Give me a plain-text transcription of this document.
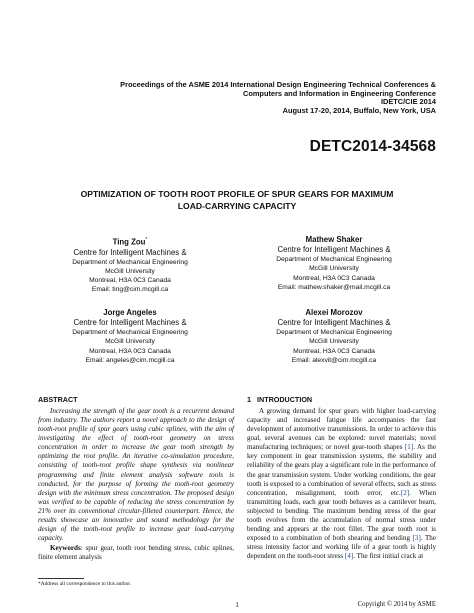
Proceedings of the ASME 2014 International Design Engineering Technical Conferences &
Computers and Information in Engineering Conference
IDETC/CIE 2014
August 17-20, 2014, Buffalo, New York, USA
DETC2014-34568
OPTIMIZATION OF TOOTH ROOT PROFILE OF SPUR GEARS FOR MAXIMUM
LOAD-CARRYING CAPACITY
Ting Zou*
Centre for Intelligent Machines &
Department of Mechanical Engineering
McGill University
Montreal, H3A 0C3 Canada
Email: ting@cim.mcgill.ca
Mathew Shaker
Centre for Intelligent Machines &
Department of Mechanical Engineering
McGill University
Montreal, H3A 0C3 Canada
Email: mathew.shaker@mail.mcgill.ca
Jorge Angeles
Centre for Intelligent Machines &
Department of Mechanical Engineering
McGill University
Montreal, H3A 0C3 Canada
Email: angeles@cim.mcgill.ca
Alexei Morozov
Centre for Intelligent Machines &
Department of Mechanical Engineering
McGill University
Montreal, H3A 0C3 Canada
Email: alexvit@cim.mcgill.ca
ABSTRACT
Increasing the strength of the gear tooth is a recurrent demand from industry. The authors report a novel approach to the design of tooth-root profile of spur gears using cubic splines, with the aim of investigating the effect of tooth-root geometry on stress concentration in order to increase the gear tooth strength by optimizing the root profile. An iterative co-simulation procedure, consisting of tooth-root profile shape synthesis via nonlinear programming and finite element analysis software tools is conducted, for the purpose of forming the tooth-root geometry design with the minimum stress concentration. The proposed design was verified to be capable of reducing the stress concentration by 21% over its conventional circular-filleted counterpart. Hence, the results showcase an innovative and sound methodology for the design of the tooth-root profile to increase gear load-carrying capacity.
Keywords: spur gear, tooth root bending stress, cubic splines, finite element analysis
1 INTRODUCTION
A growing demand for spur gears with higher load-carrying capacity and increased fatigue life accompanies the fast development of automotive transmissions. In order to achieve this goal, several avenues can be explored: novel materials; novel manufacturing techniques; or novel gear-tooth shapes [1]. As the key component in gear transmission systems, the stability and reliability of the gears play a significant role in the performance of the gear transmission system. Under working conditions, the gear tooth is exposed to a combination of several effects, such as stress concentration, misalignment, tooth error, etc.[2]. When transmitting loads, each gear tooth behaves as a cantilever beam, subjected to bending. The maximum bending stress of the gear tooth evolves from the accumulation of normal stress under bending and appears at the root fillet. The gear tooth root is exposed to a combination of both shearing and bending [3]. The stress intensity factor and working life of a gear tooth is highly dependent on the tooth-root stress [4]. The first initial crack at
*Address all correspondence to this author.
1	Copyright © 2014 by ASME
